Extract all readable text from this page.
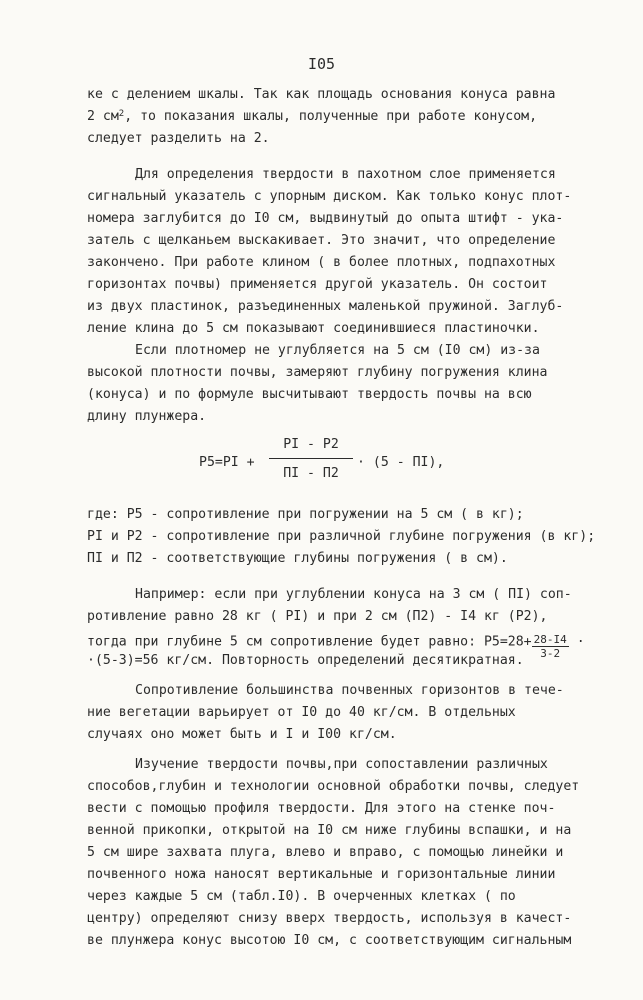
I05
ке с делением шкалы. Так как площадь основания конуса равна
2 $см^2$, то показания шкалы, полученные при работе конусом,
следует разделить на 2.
Для определения твердости в пахотном слое применяется
сигнальный указатель с упорным диском. Как только конус плот-
номера заглубится до I0 см, выдвинутый до опыта штифт - ука-
затель с щелканьем выскакивает. Это значит, что определение
закончено. При работе клином ( в более плотных, подпахотных
горизонтах почвы) применяется другой указатель. Он состоит
из двух пластинок, разъединенных маленькой пружиной. Заглуб-
ление клина до 5 см показывают соединившиеся пластиночки.
Если плотномер не углубляется на 5 см (I0 см) из-за
высокой плотности почвы, замеряют глубину погружения клина
(конуса) и по формуле высчитывают твердость почвы на всю
длину плунжера.
P5=PI +
PI - P2
ПI - П2
· (5 - ПI),
где: P5 - сопротивление при погружении на 5 см ( в кг);
PI и P2 - сопротивление при различной глубине погружения (в кг);
ПI и П2 - соответствующие глубины погружения ( в см).
Например: если при углублении конуса на 3 см ( ПI) соп-
ротивление равно 28 кг ( PI) и при 2 см (П2) - I4 кг (P2),
тогда при глубине 5 см сопротивление будет равно: $P5=28+ \frac{28-I4}{3-2}$ ·
·(5-3)=56 кг/см. Повторность определений десятикратная.
Сопротивление большинства почвенных горизонтов в тече-
ние вегетации варьирует от I0 до 40 кг/см. В отдельных
случаях оно может быть и I и I00 кг/см.
Изучение твердости почвы,при сопоставлении различных
способов,глубин и технологии основной обработки почвы, следует
вести с помощью профиля твердости. Для этого на стенке поч-
венной прикопки, открытой на I0 см ниже глубины вспашки, и на
5 см шире захвата плуга, влево и вправо, с помощью линейки и
почвенного ножа наносят вертикальные и горизонтальные линии
через каждые 5 см (табл.I0). В очерченных клетках ( по
центру) определяют снизу вверх твердость, используя в качест-
ве плунжера конус высотою I0 см, с соответствующим сигнальным
